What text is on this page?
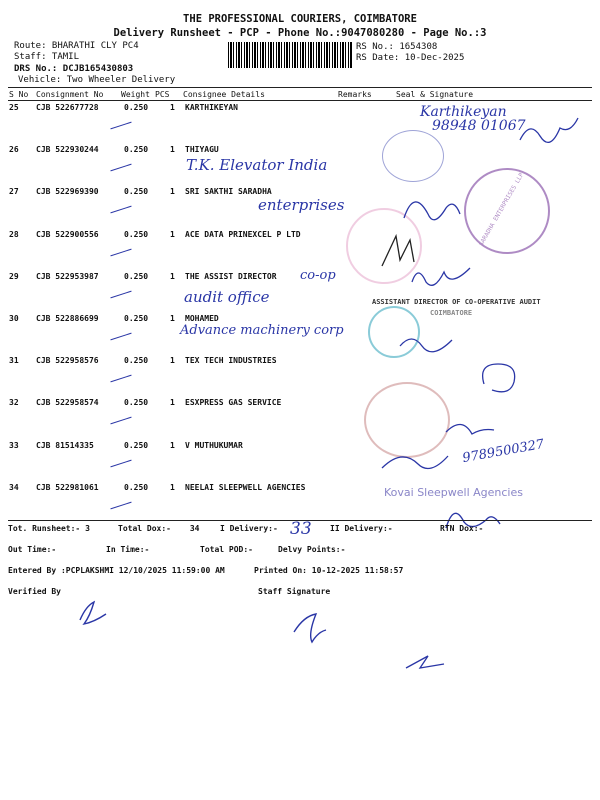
THE PROFESSIONAL COURIERS, COIMBATORE
Delivery Runsheet - PCP - Phone No.:9047080280 - Page No.:3
Route: BHARATHI CLY PC4
Staff: TAMIL
DRS No.: DCJB165430803
Vehicle: Two Wheeler Delivery
RS No.: 1654308
RS Date: 10-Dec-2025
S No Consignment No Weight PCS Consignee Details	Remarks	Seal & Signature
25 CJB 522677728	0.250	1 KARTHIKEYAN
26 CJB 522930244	0.250	1 THIYAGU
27 CJB 522969390	0.250	1 SRI SAKTHI SARADHA
28 CJB 522900556	0.250	1 ACE DATA PRINEXCEL P LTD
29 CJB 522953987	0.250	1 THE ASSIST DIRECTOR
30 CJB 522886699	0.250	1 MOHAMED
31 CJB 522958576	0.250	1 TEX TECH INDUSTRIES
32 CJB 522958574	0.250	1 ESXPRESS GAS SERVICE
33 CJB 81514335	0.250	1 V MUTHUKUMAR
34 CJB 522981061	0.250	1 NEELAI SLEEPWELL AGENCIES
Karthikeyan
98948 01067
T.K. Elevator India
enterprises
co-op
audit office
Advance machinery corp
9789500327
SARADHA ENTERPRISES LLP
ASSISTANT DIRECTOR OF CO-OPERATIVE AUDIT
COIMBATORE
Kovai Sleepwell Agencies
Tot. Runsheet:- 3	Total Dox:- 34	I Delivery:- 33 II Delivery:-	RTN Dox:-
Out Time:-	In Time:-	Total POD:-	Delvy Points:-
Entered By :PCPLAKSHMI 12/10/2025 11:59:00 AM	Printed On: 10-12-2025 11:58:57
Verified By	Staff Signature
